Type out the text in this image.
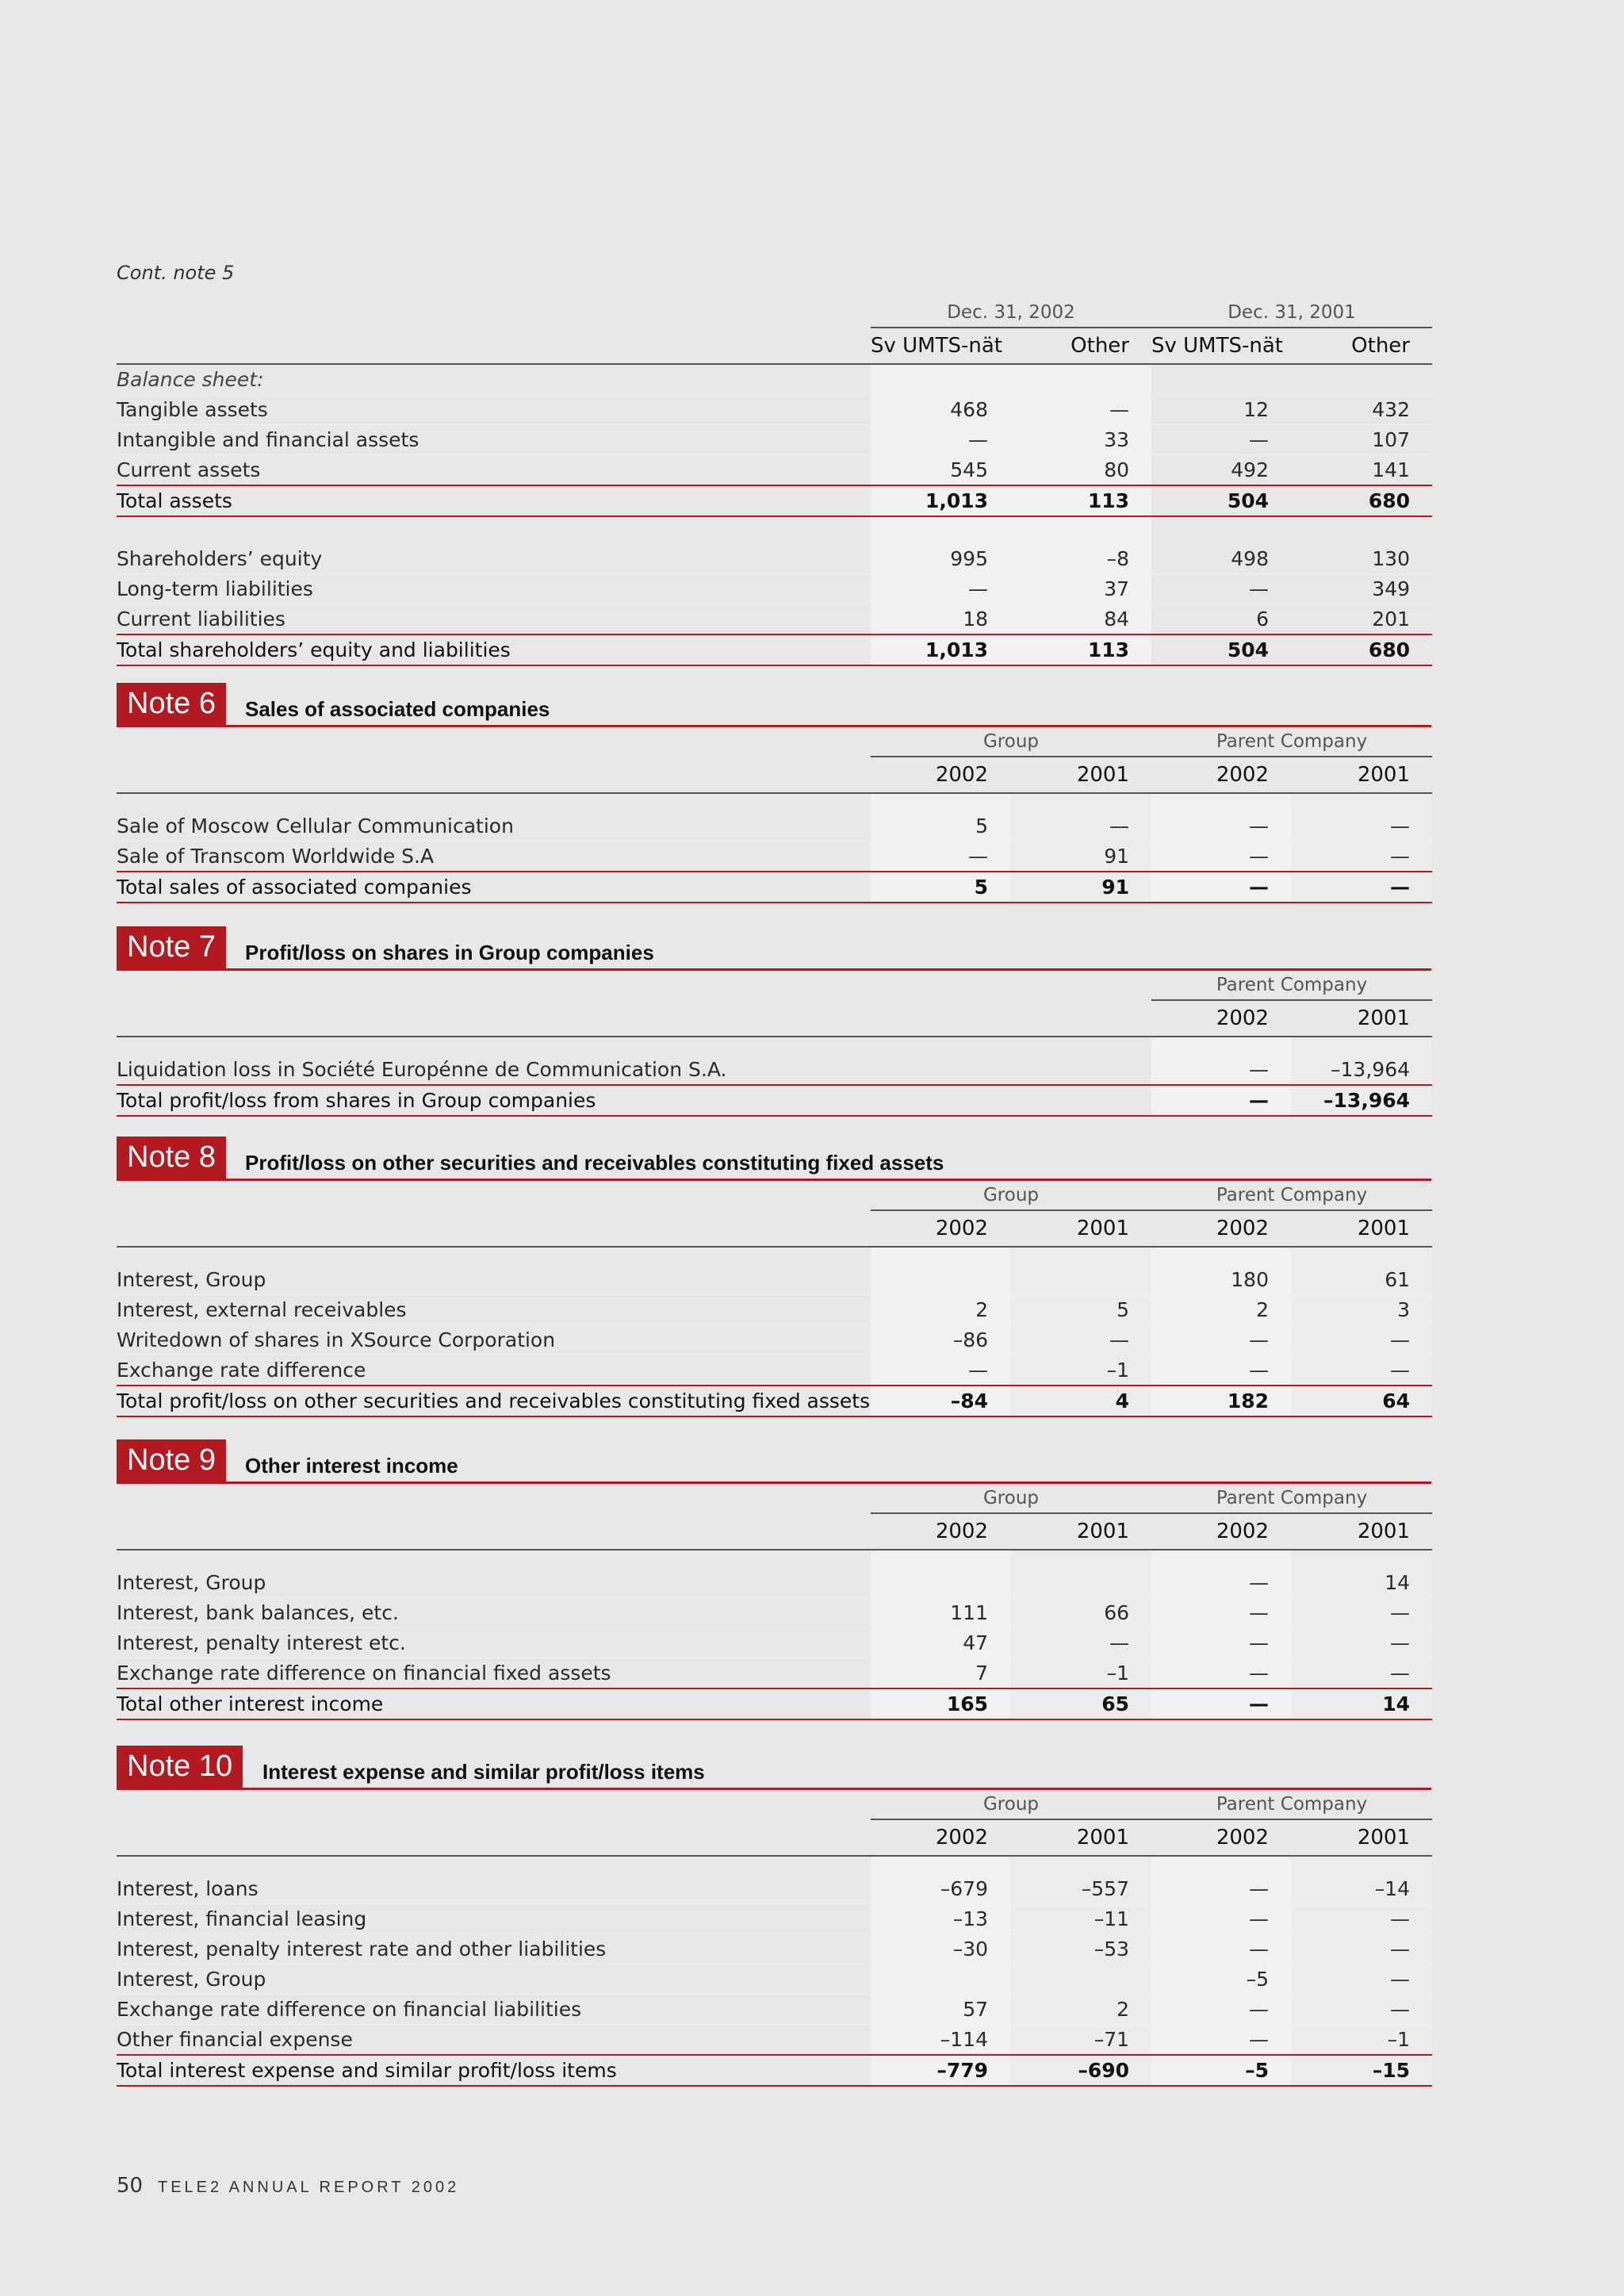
Cont. note 5
	Dec. 31, 2002		Dec. 31, 2001	
	Sv UMTS-nät	Other	Sv UMTS-nät	Other
Balance sheet:				
Tangible assets	468	—	12	432
Intangible and financial assets	—	33	—	107
Current assets	545	80	492	141
Total assets	1,013	113	504	680

Shareholders’ equity	995	–8	498	130
Long-term liabilities	—	37	—	349
Current liabilities	18	84	6	201
Total shareholders’ equity and liabilities	1,013	113	504	680
Note 6	Sales of associated companies
	Group		Parent Company	
	2002	2001	2002	2001

Sale of Moscow Cellular Communication	5	—	—	—
Sale of Transcom Worldwide S.A	—	91	—	—
Total sales of associated companies	5	91	—	—
Note 7	Profit/loss on shares in Group companies
			Parent Company	
			2002	2001

Liquidation loss in Société Europénne de Communication S.A.			—	–13,964
Total profit/loss from shares in Group companies			—	–13,964
Note 8	Profit/loss on other securities and receivables constituting fixed assets
	Group		Parent Company	
	2002	2001	2002	2001

Interest, Group			180	61
Interest, external receivables	2	5	2	3
Writedown of shares in XSource Corporation	–86	—	—	—
Exchange rate difference	—	–1	—	—
Total profit/loss on other securities and receivables constituting fixed assets	–84	4	182	64
Note 9	Other interest income
	Group		Parent Company	
	2002	2001	2002	2001

Interest, Group			—	14
Interest, bank balances, etc.	111	66	—	—
Interest, penalty interest etc.	47	—	—	—
Exchange rate difference on financial fixed assets	7	–1	—	—
Total other interest income	165	65	—	14
Note 10	Interest expense and similar profit/loss items
	Group		Parent Company	
	2002	2001	2002	2001

Interest, loans	–679	–557	—	–14
Interest, financial leasing	–13	–11	—	—
Interest, penalty interest rate and other liabilities	–30	–53	—	—
Interest, Group			–5	—
Exchange rate difference on financial liabilities	57	2	—	—
Other financial expense	–114	–71	—	–1
Total interest expense and similar profit/loss items	–779	–690	–5	–15
50 TELE2 ANNUAL REPORT 2002
